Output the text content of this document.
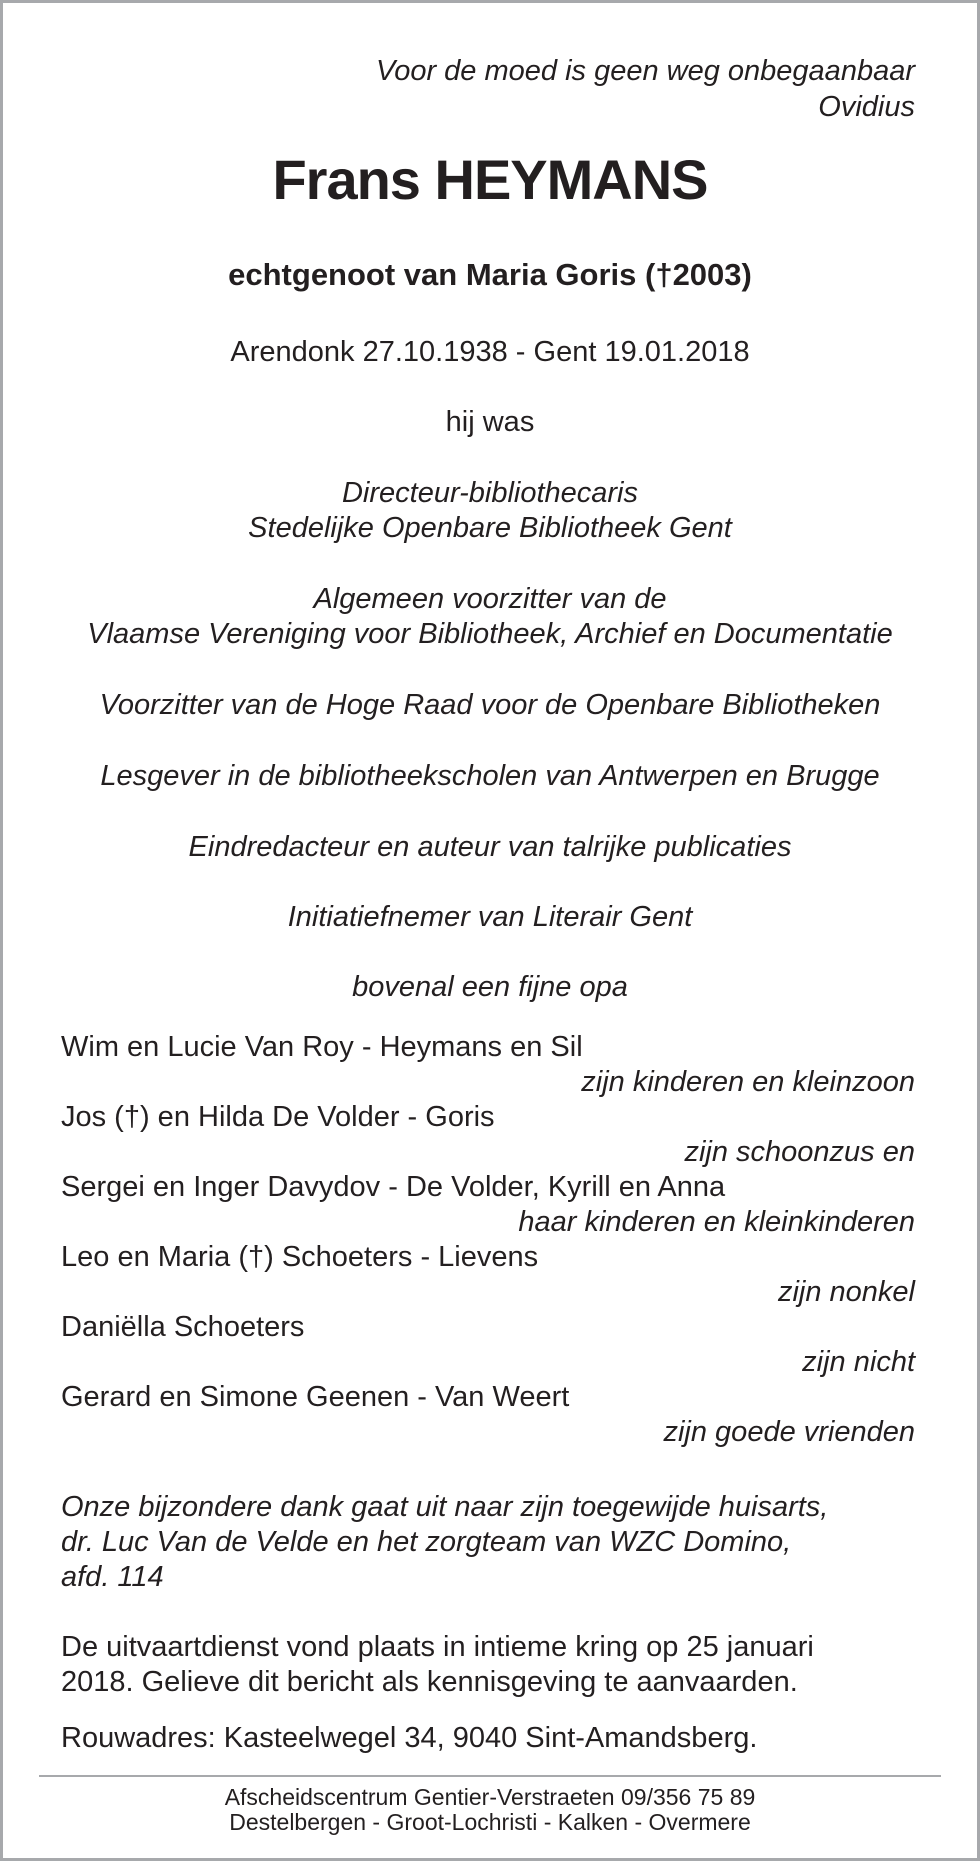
Voor de moed is geen weg onbegaanbaar
Ovidius
Frans HEYMANS
echtgenoot van Maria Goris (†2003)
Arendonk 27.10.1938 - Gent 19.01.2018
hij was
Directeur-bibliothecaris
Stedelijke Openbare Bibliotheek Gent
Algemeen voorzitter van de
Vlaamse Vereniging voor Bibliotheek, Archief en Documentatie
Voorzitter van de Hoge Raad voor de Openbare Bibliotheken
Lesgever in de bibliotheekscholen van Antwerpen en Brugge
Eindredacteur en auteur van talrijke publicaties
Initiatiefnemer van Literair Gent
bovenal een fijne opa
Wim en Lucie Van Roy - Heymans en Sil
zijn kinderen en kleinzoon
Jos (†) en Hilda De Volder - Goris
zijn schoonzus en
Sergei en Inger Davydov - De Volder, Kyrill en Anna
haar kinderen en kleinkinderen
Leo en Maria (†) Schoeters - Lievens
zijn nonkel
Daniëlla Schoeters
zijn nicht
Gerard en Simone Geenen - Van Weert
zijn goede vrienden
Onze bijzondere dank gaat uit naar zijn toegewijde huisarts,
dr. Luc Van de Velde en het zorgteam van WZC Domino,
afd. 114
De uitvaartdienst vond plaats in intieme kring op 25 januari
2018. Gelieve dit bericht als kennisgeving te aanvaarden.
Rouwadres: Kasteelwegel 34, 9040 Sint-Amandsberg.
Afscheidscentrum Gentier-Verstraeten 09/356 75 89
Destelbergen - Groot-Lochristi - Kalken - Overmere
